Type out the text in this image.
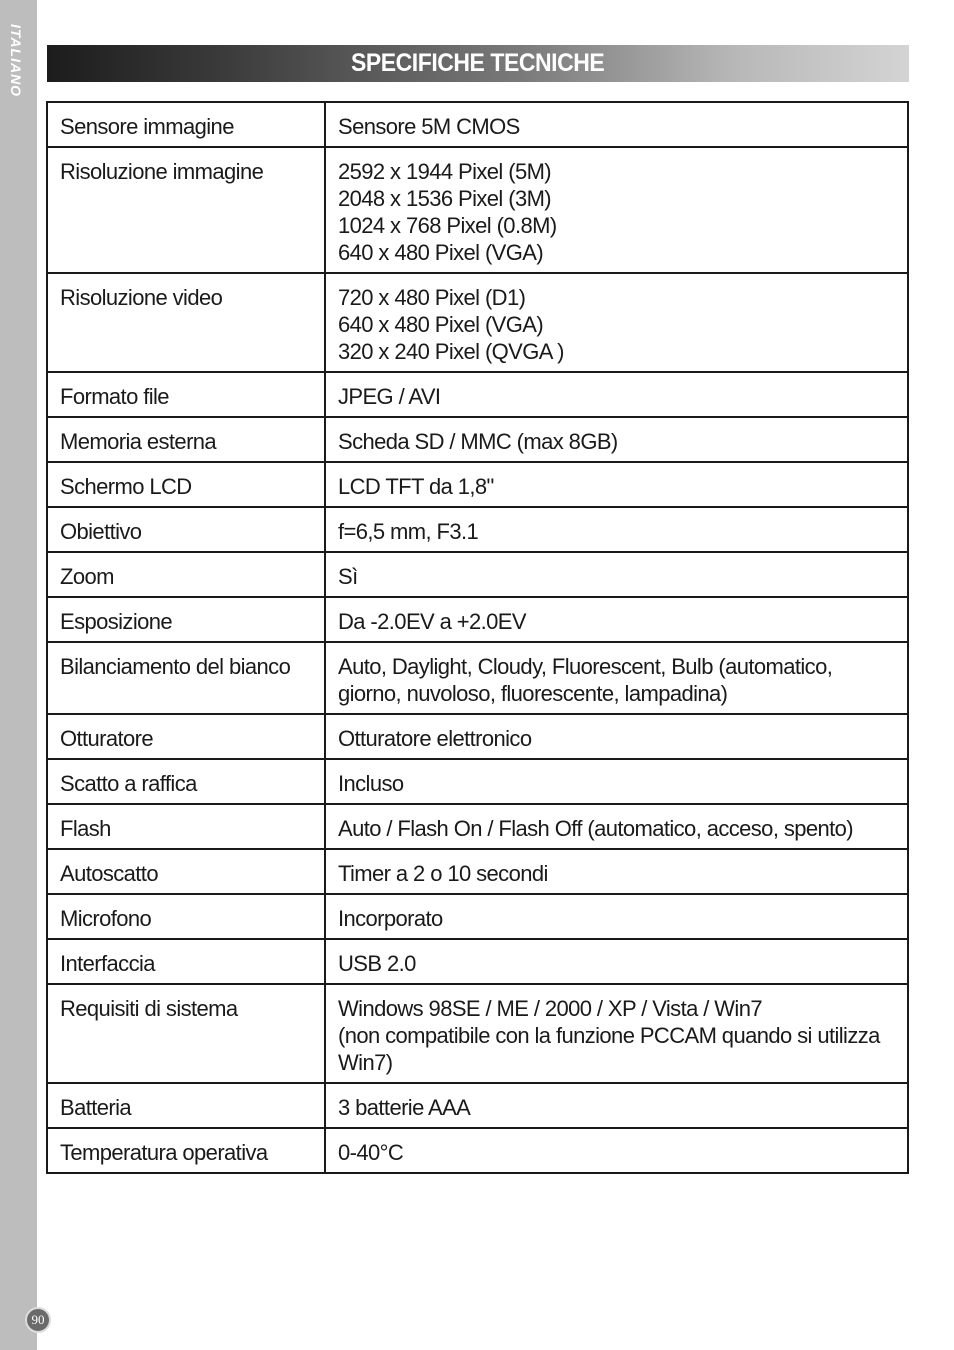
ITALIANO	SPECIFICHE TECNICHE
Sensore immagine	Sensore 5M CMOS
Risoluzione immagine	2592 x 1944 Pixel (5M)
2048 x 1536 Pixel (3M)
1024 x 768 Pixel (0.8M)
640 x 480 Pixel (VGA)
Risoluzione video	720 x 480 Pixel (D1)
640 x 480 Pixel (VGA)
320 x 240 Pixel (QVGA )
Formato file	JPEG / AVI
Memoria esterna	Scheda SD / MMC (max 8GB)
Schermo LCD	LCD TFT da 1,8"
Obiettivo	f=6,5 mm, F3.1
Zoom	Sì
Esposizione	Da -2.0EV a +2.0EV
Bilanciamento del bianco	Auto, Daylight, Cloudy, Fluorescent, Bulb (automatico, giorno, nuvoloso, fluorescente, lampadina)
Otturatore	Otturatore elettronico
Scatto a raffica	Incluso
Flash	Auto / Flash On / Flash Off (automatico, acceso, spento)
Autoscatto	Timer a 2 o 10 secondi
Microfono	Incorporato
Interfaccia	USB 2.0
Requisiti di sistema	Windows 98SE / ME / 2000 / XP / Vista / Win7
(non compatibile con la funzione PCCAM quando si utilizza Win7)
Batteria	3 batterie AAA
Temperatura operativa	0-40°C
90
